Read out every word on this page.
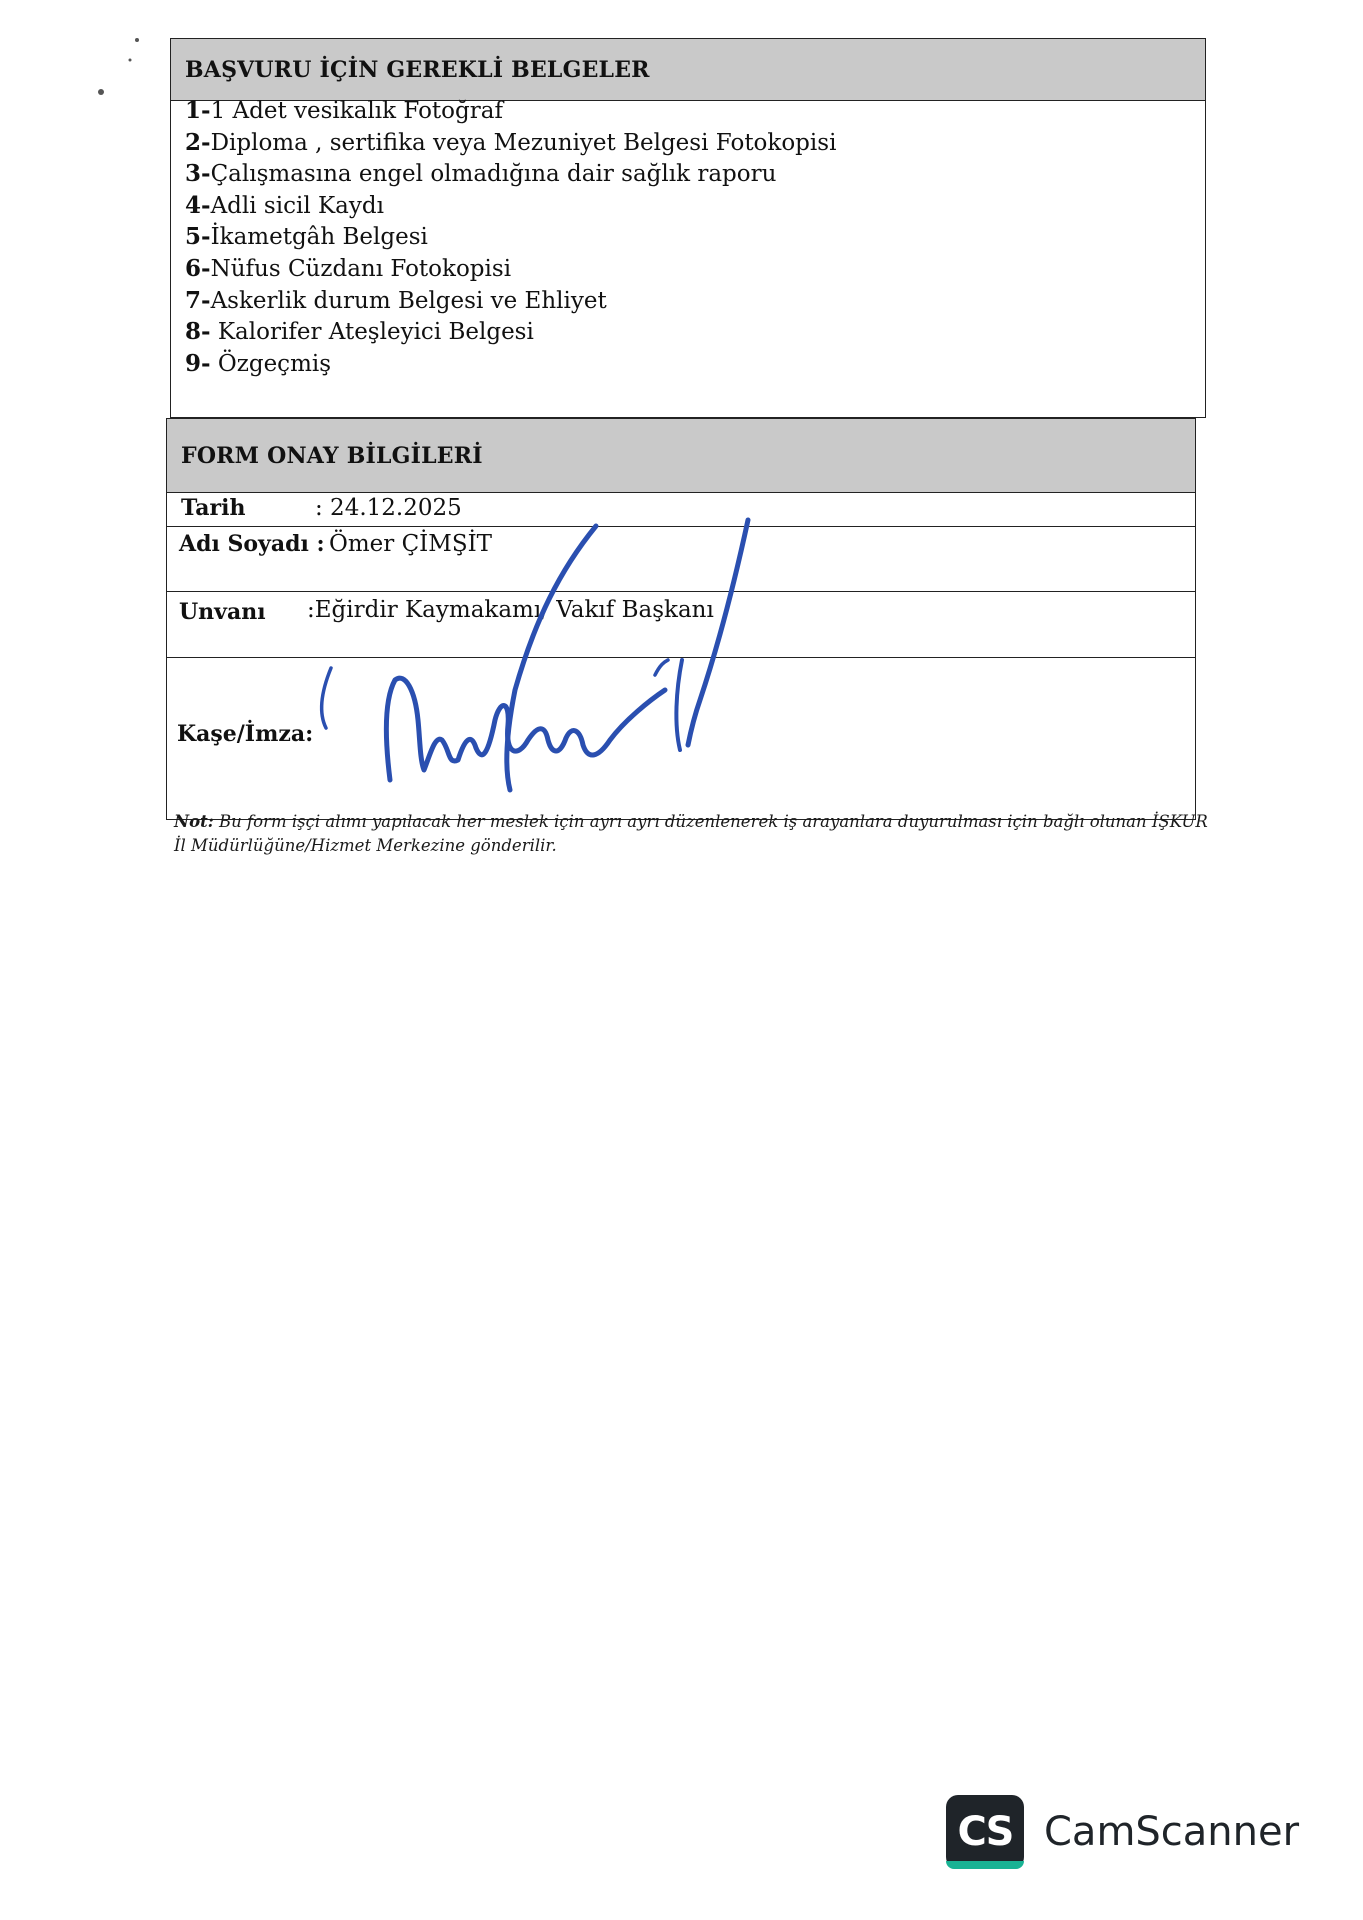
BAŞVURU İÇİN GEREKLİ BELGELER
1-1 Adet vesikalık Fotoğraf
2-Diploma , sertifika veya Mezuniyet Belgesi Fotokopisi
3-Çalışmasına engel olmadığına dair sağlık raporu
4-Adli sicil Kaydı
5-İkametgâh Belgesi
6-Nüfus Cüzdanı Fotokopisi
7-Askerlik durum Belgesi ve Ehliyet
8- Kalorifer Ateşleyici Belgesi
9- Özgeçmiş
FORM ONAY BİLGİLERİ
Tarih	: 24.12.2025
Adı Soyadı : Ömer ÇİMŞİT
Unvanı :Eğirdir Kaymakamı/ Vakıf Başkanı
Kaşe/İmza:
Not: Bu form işçi alımı yapılacak her meslek için ayrı ayrı düzenlenerek iş arayanlara duyurulması için bağlı olunan İŞKUR İl Müdürlüğüne/Hizmet Merkezine gönderilir.
CS CamScanner
